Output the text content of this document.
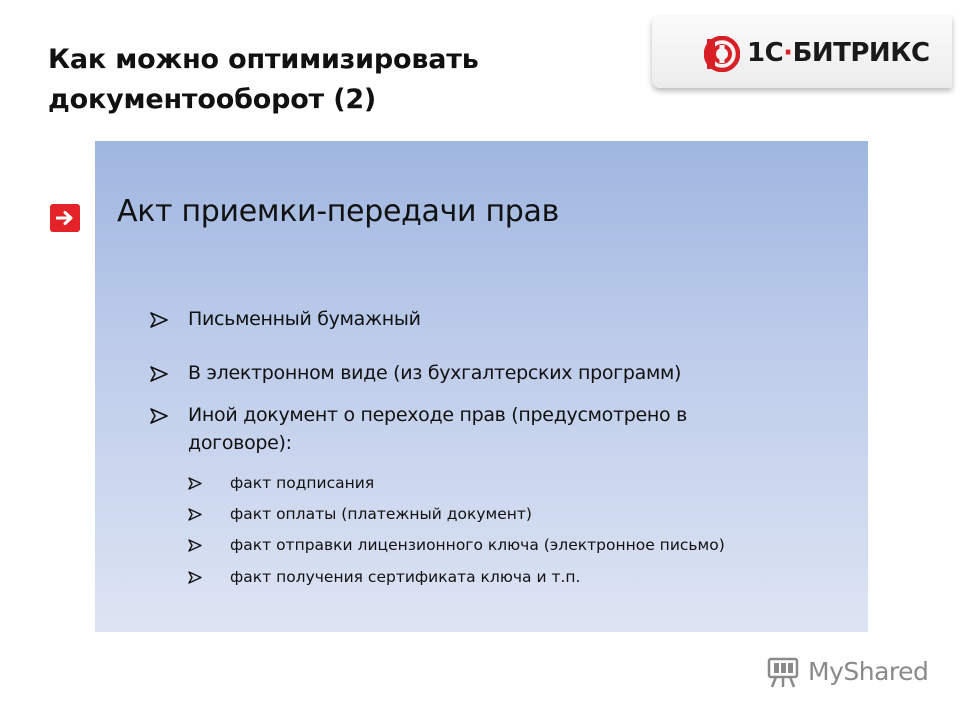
Как можно оптимизировать
документооборот (2)
1С·БИТРИКС
Акт приемки-передачи прав
Письменный бумажный
В электронном виде (из бухгалтерских программ)
Иной документ о переходе прав (предусмотрено в договоре):
факт подписания
факт оплаты (платежный документ)
факт отправки лицензионного ключа (электронное письмо)
факт получения сертификата ключа и т.п.
MyShared
